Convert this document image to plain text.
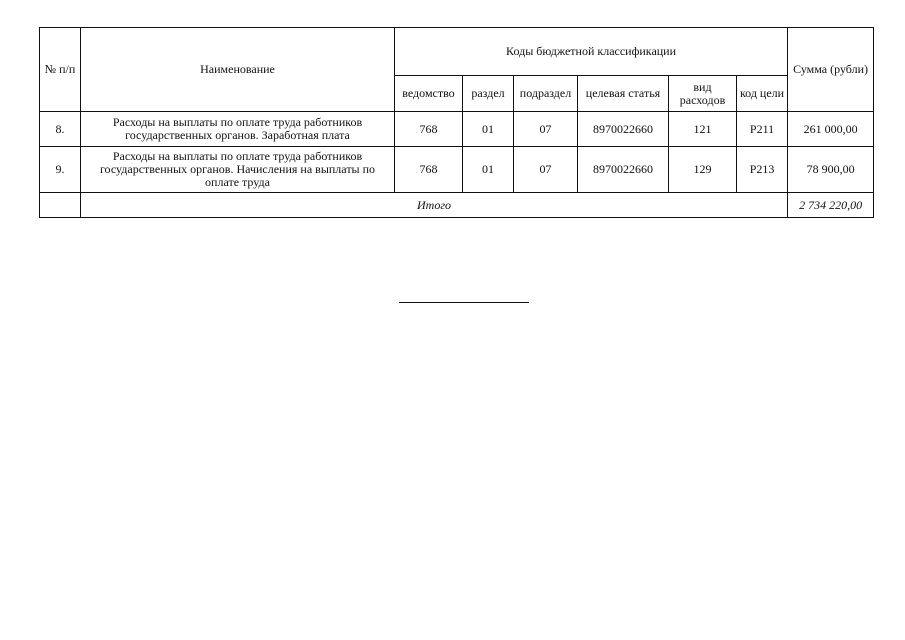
№ п/п	Наименование	Коды бюджетной классификации						Сумма (рубли)
		ведомство	раздел	подраздел	целевая статья	вид расходов	код цели	
8.	Расходы на выплаты по оплате труда работников государственных органов. Заработная плата	768	01	07	8970022660	121	Р211	261 000,00
9.	Расходы на выплаты по оплате труда работников государственных органов. Начисления на выплаты по оплате труда	768	01	07	8970022660	129	Р213	78 900,00
	Итого							2 734 220,00
